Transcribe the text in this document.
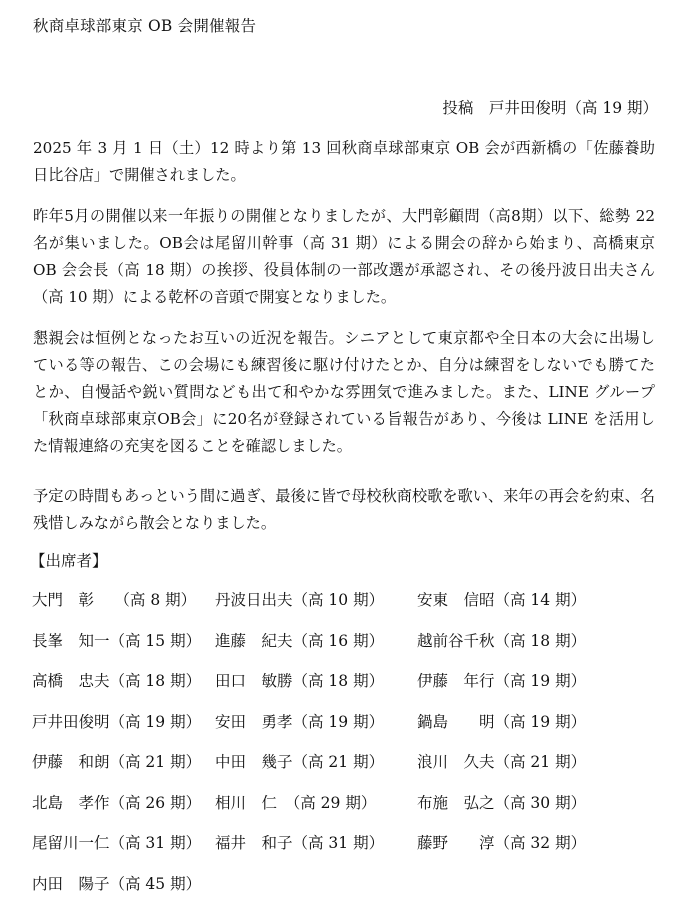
秋商卓球部東京 OB 会開催報告
投稿　戸井田俊明（高 19 期）

2025 年 3 月 1 日（土）12 時より第 13 回秋商卓球部東京 OB 会が西新橋の「佐藤養助日比谷店」で開催されました。

昨年5月の開催以来一年振りの開催となりましたが、大門彰顧問（高8期）以下、総勢 22 名が集いました。OB会は尾留川幹事（高 31 期）による開会の辞から始まり、高橋東京 OB 会会長（高 18 期）の挨拶、役員体制の一部改選が承認され、その後丹波日出夫さん（高 10 期）による乾杯の音頭で開宴となりました。

懇親会は恒例となったお互いの近況を報告。シニアとして東京都や全日本の大会に出場している等の報告、この会場にも練習後に駆け付けたとか、自分は練習をしないでも勝てたとか、自慢話や鋭い質問なども出て和やかな雰囲気で進みました。また、LINE グループ「秋商卓球部東京OB会」に20名が登録されている旨報告があり、今後は LINE を活用した情報連絡の充実を図ることを確認しました。

予定の時間もあっという間に過ぎ、最後に皆で母校秋商校歌を歌い、来年の再会を約束、名残惜しみながら散会となりました。

【出席者】
大門　彰　 （高 8 期） 丹波日出夫（高 10 期） 安東　信昭（高 14 期）
長峯　知一（高 15 期） 進藤　紀夫（高 16 期） 越前谷千秋（高 18 期）
高橋　忠夫（高 18 期） 田口　敏勝（高 18 期） 伊藤　年行（高 19 期）
戸井田俊明（高 19 期） 安田　勇孝（高 19 期） 鍋島　　明（高 19 期）
伊藤　和朗（高 21 期） 中田　幾子（高 21 期） 浪川　久夫（高 21 期）
北島　孝作（高 26 期） 相川　仁　（高 29 期）	布施　弘之（高 30 期）
尾留川一仁（高 31 期） 福井　和子（高 31 期） 藤野　　淳（高 32 期）
内田　陽子（高 45 期）
